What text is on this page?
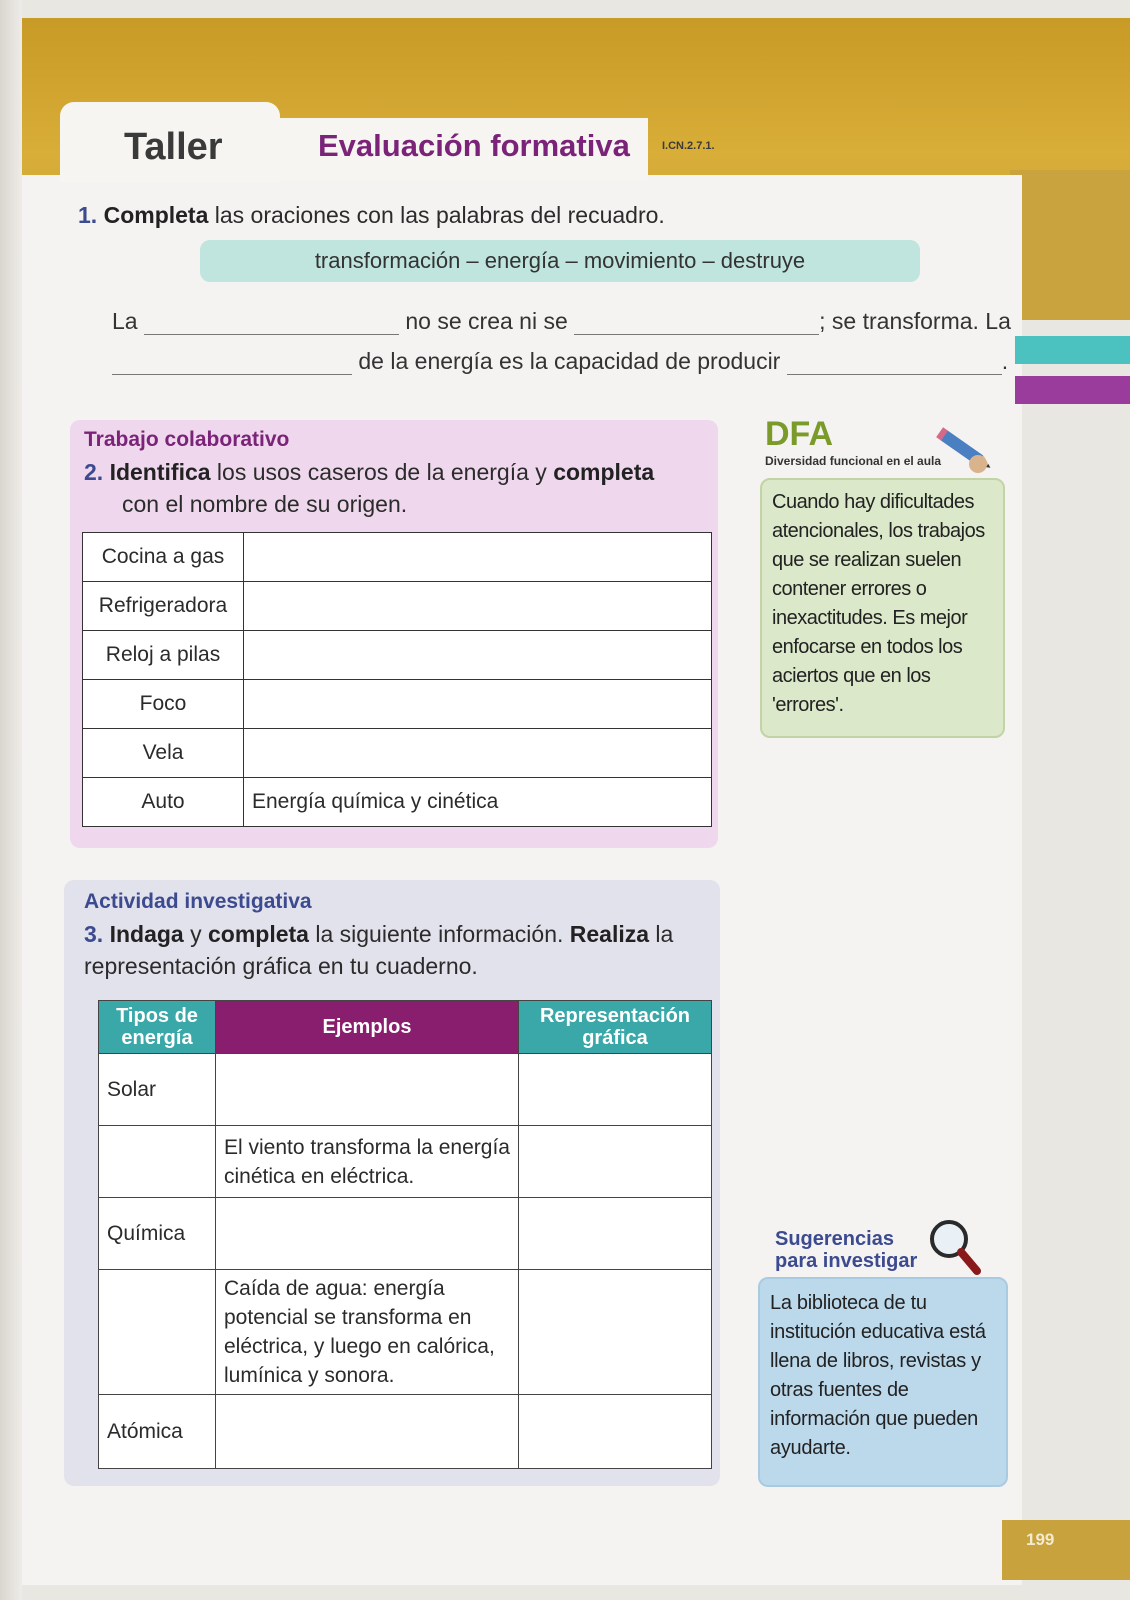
Taller	Evaluación formativa	I.CN.2.7.1.
1. Completa las oraciones con las palabras del recuadro.
transformación – energía – movimiento – destruye
La	no se crea ni se	; se transforma. La
de la energía es la capacidad de producir	.
Trabajo colaborativo
2. Identifica los usos caseros de la energía y completa
con el nombre de su origen.
Cocina a gas	
Refrigeradora	
Reloj a pilas	
Foco	
Vela	
Auto	Energía química y cinética
DFA
Diversidad funcional en el aula
Cuando hay dificultades atencionales, los trabajos que se realizan suelen contener errores o inexactitudes. Es mejor enfocarse en todos los aciertos que en los 'errores'.
Actividad investigativa
3. Indaga y completa la siguiente información. Realiza la representación gráfica en tu cuaderno.
Tipos de energía	Ejemplos	Representación gráfica
Solar		
	El viento transforma la energía cinética en eléctrica.	
Química		
	Caída de agua: energía potencial se transforma en eléctrica, y luego en calórica, lumínica y sonora.	
Atómica		
Sugerencias
para investigar
La biblioteca de tu institución educativa está llena de libros, revistas y otras fuentes de información que pueden ayudarte.
199
